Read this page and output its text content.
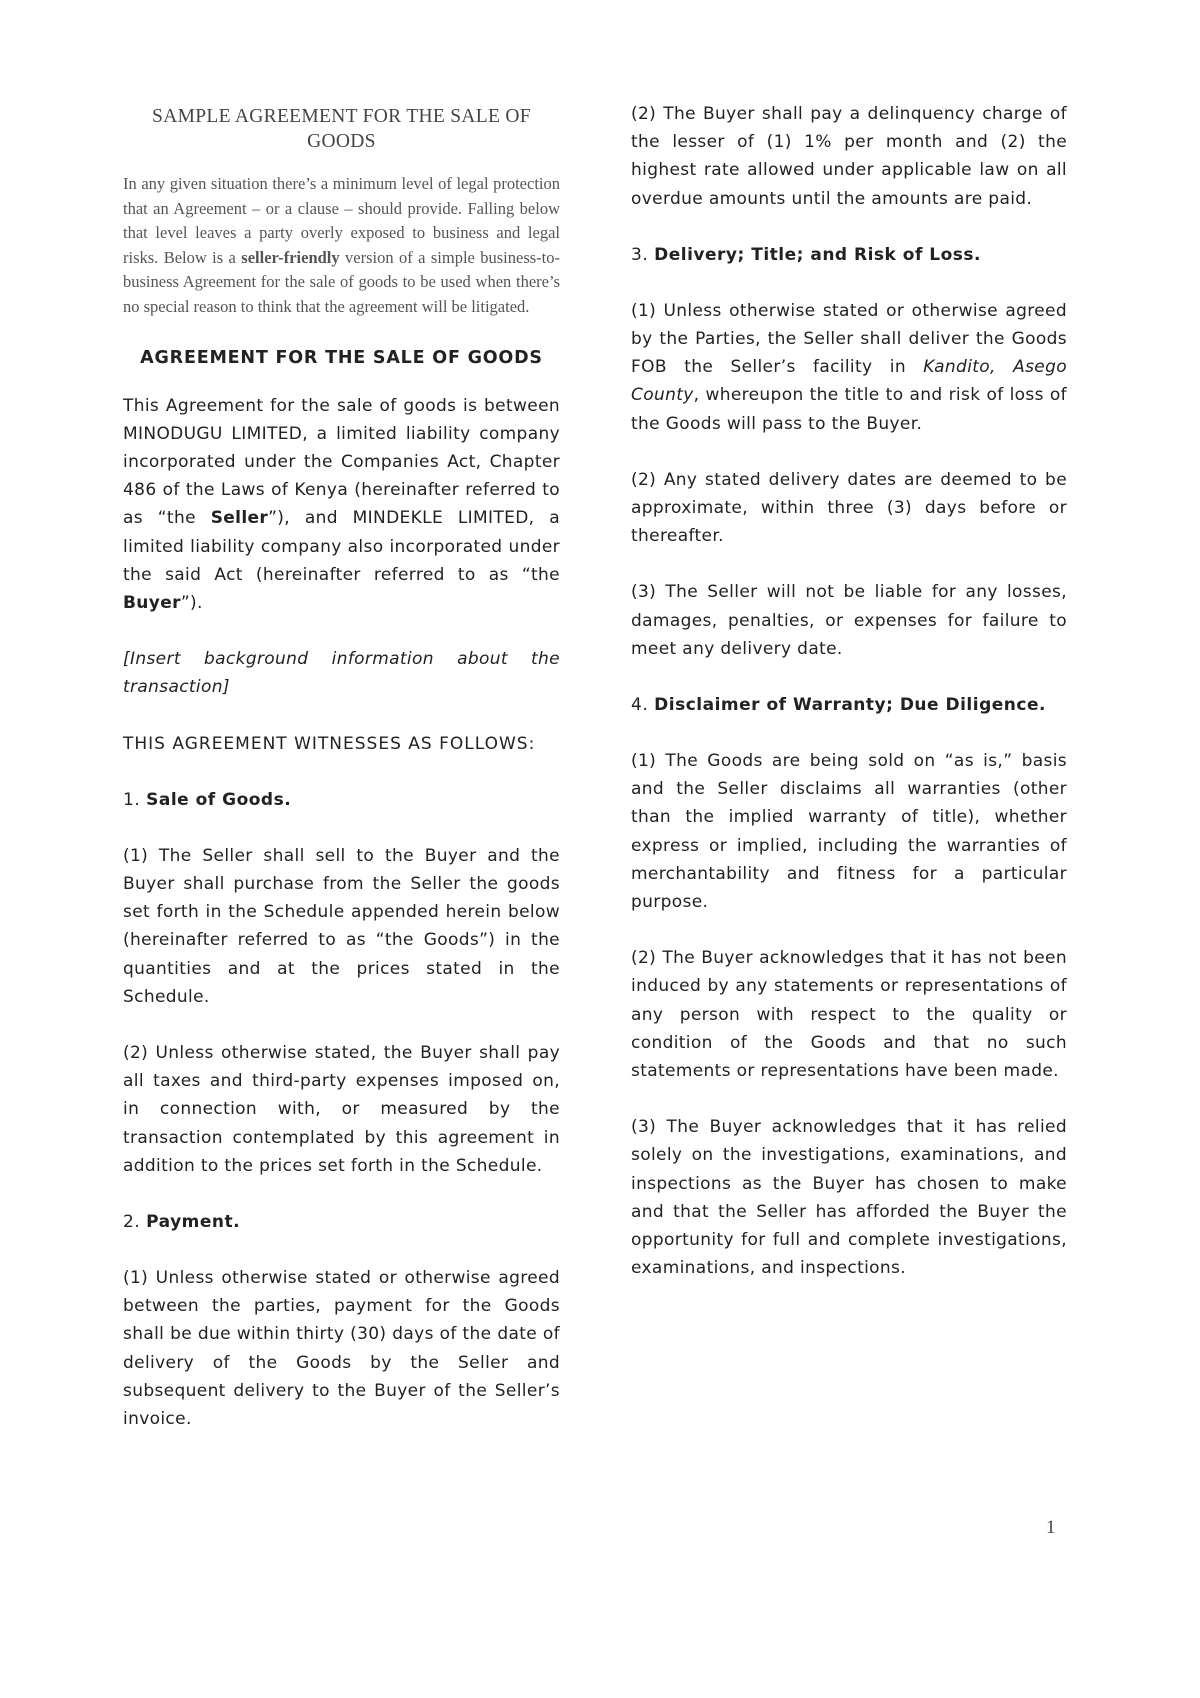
SAMPLE AGREEMENT FOR THE SALE OF GOODS

In any given situation there’s a minimum level of legal protection that an Agreement – or a clause – should provide. Falling below that level leaves a party overly exposed to business and legal risks. Below is a seller-friendly version of a simple business-to-business Agreement for the sale of goods to be used when there’s no special reason to think that the agreement will be litigated.

AGREEMENT FOR THE SALE OF GOODS

This Agreement for the sale of goods is between MINODUGU LIMITED, a limited liability company incorporated under the Companies Act, Chapter 486 of the Laws of Kenya (hereinafter referred to as “the Seller”), and MINDEKLE LIMITED, a limited liability company also incorporated under the said Act (hereinafter referred to as “the Buyer”).

[Insert background information about the transaction]

THIS AGREEMENT WITNESSES AS FOLLOWS:

1. Sale of Goods.

(1) The Seller shall sell to the Buyer and the Buyer shall purchase from the Seller the goods set forth in the Schedule appended herein below (hereinafter referred to as “the Goods”) in the quantities and at the prices stated in the Schedule.

(2) Unless otherwise stated, the Buyer shall pay all taxes and third-party expenses imposed on, in connection with, or measured by the transaction contemplated by this agreement in addition to the prices set forth in the Schedule.

2. Payment.

(1) Unless otherwise stated or otherwise agreed between the parties, payment for the Goods shall be due within thirty (30) days of the date of delivery of the Goods by the Seller and subsequent delivery to the Buyer of the Seller’s invoice.

(2) The Buyer shall pay a delinquency charge of the lesser of (1) 1% per month and (2) the highest rate allowed under applicable law on all overdue amounts until the amounts are paid.

3. Delivery; Title; and Risk of Loss.

(1) Unless otherwise stated or otherwise agreed by the Parties, the Seller shall deliver the Goods FOB the Seller’s facility in Kandito, Asego County, whereupon the title to and risk of loss of the Goods will pass to the Buyer.

(2) Any stated delivery dates are deemed to be approximate, within three (3) days before or thereafter.

(3) The Seller will not be liable for any losses, damages, penalties, or expenses for failure to meet any delivery date.

4. Disclaimer of Warranty; Due Diligence.

(1) The Goods are being sold on “as is,” basis and the Seller disclaims all warranties (other than the implied warranty of title), whether express or implied, including the warranties of merchantability and fitness for a particular purpose.

(2) The Buyer acknowledges that it has not been induced by any statements or representations of any person with respect to the quality or condition of the Goods and that no such statements or representations have been made.

(3) The Buyer acknowledges that it has relied solely on the investigations, examinations, and inspections as the Buyer has chosen to make and that the Seller has afforded the Buyer the opportunity for full and complete investigations, examinations, and inspections.

1
